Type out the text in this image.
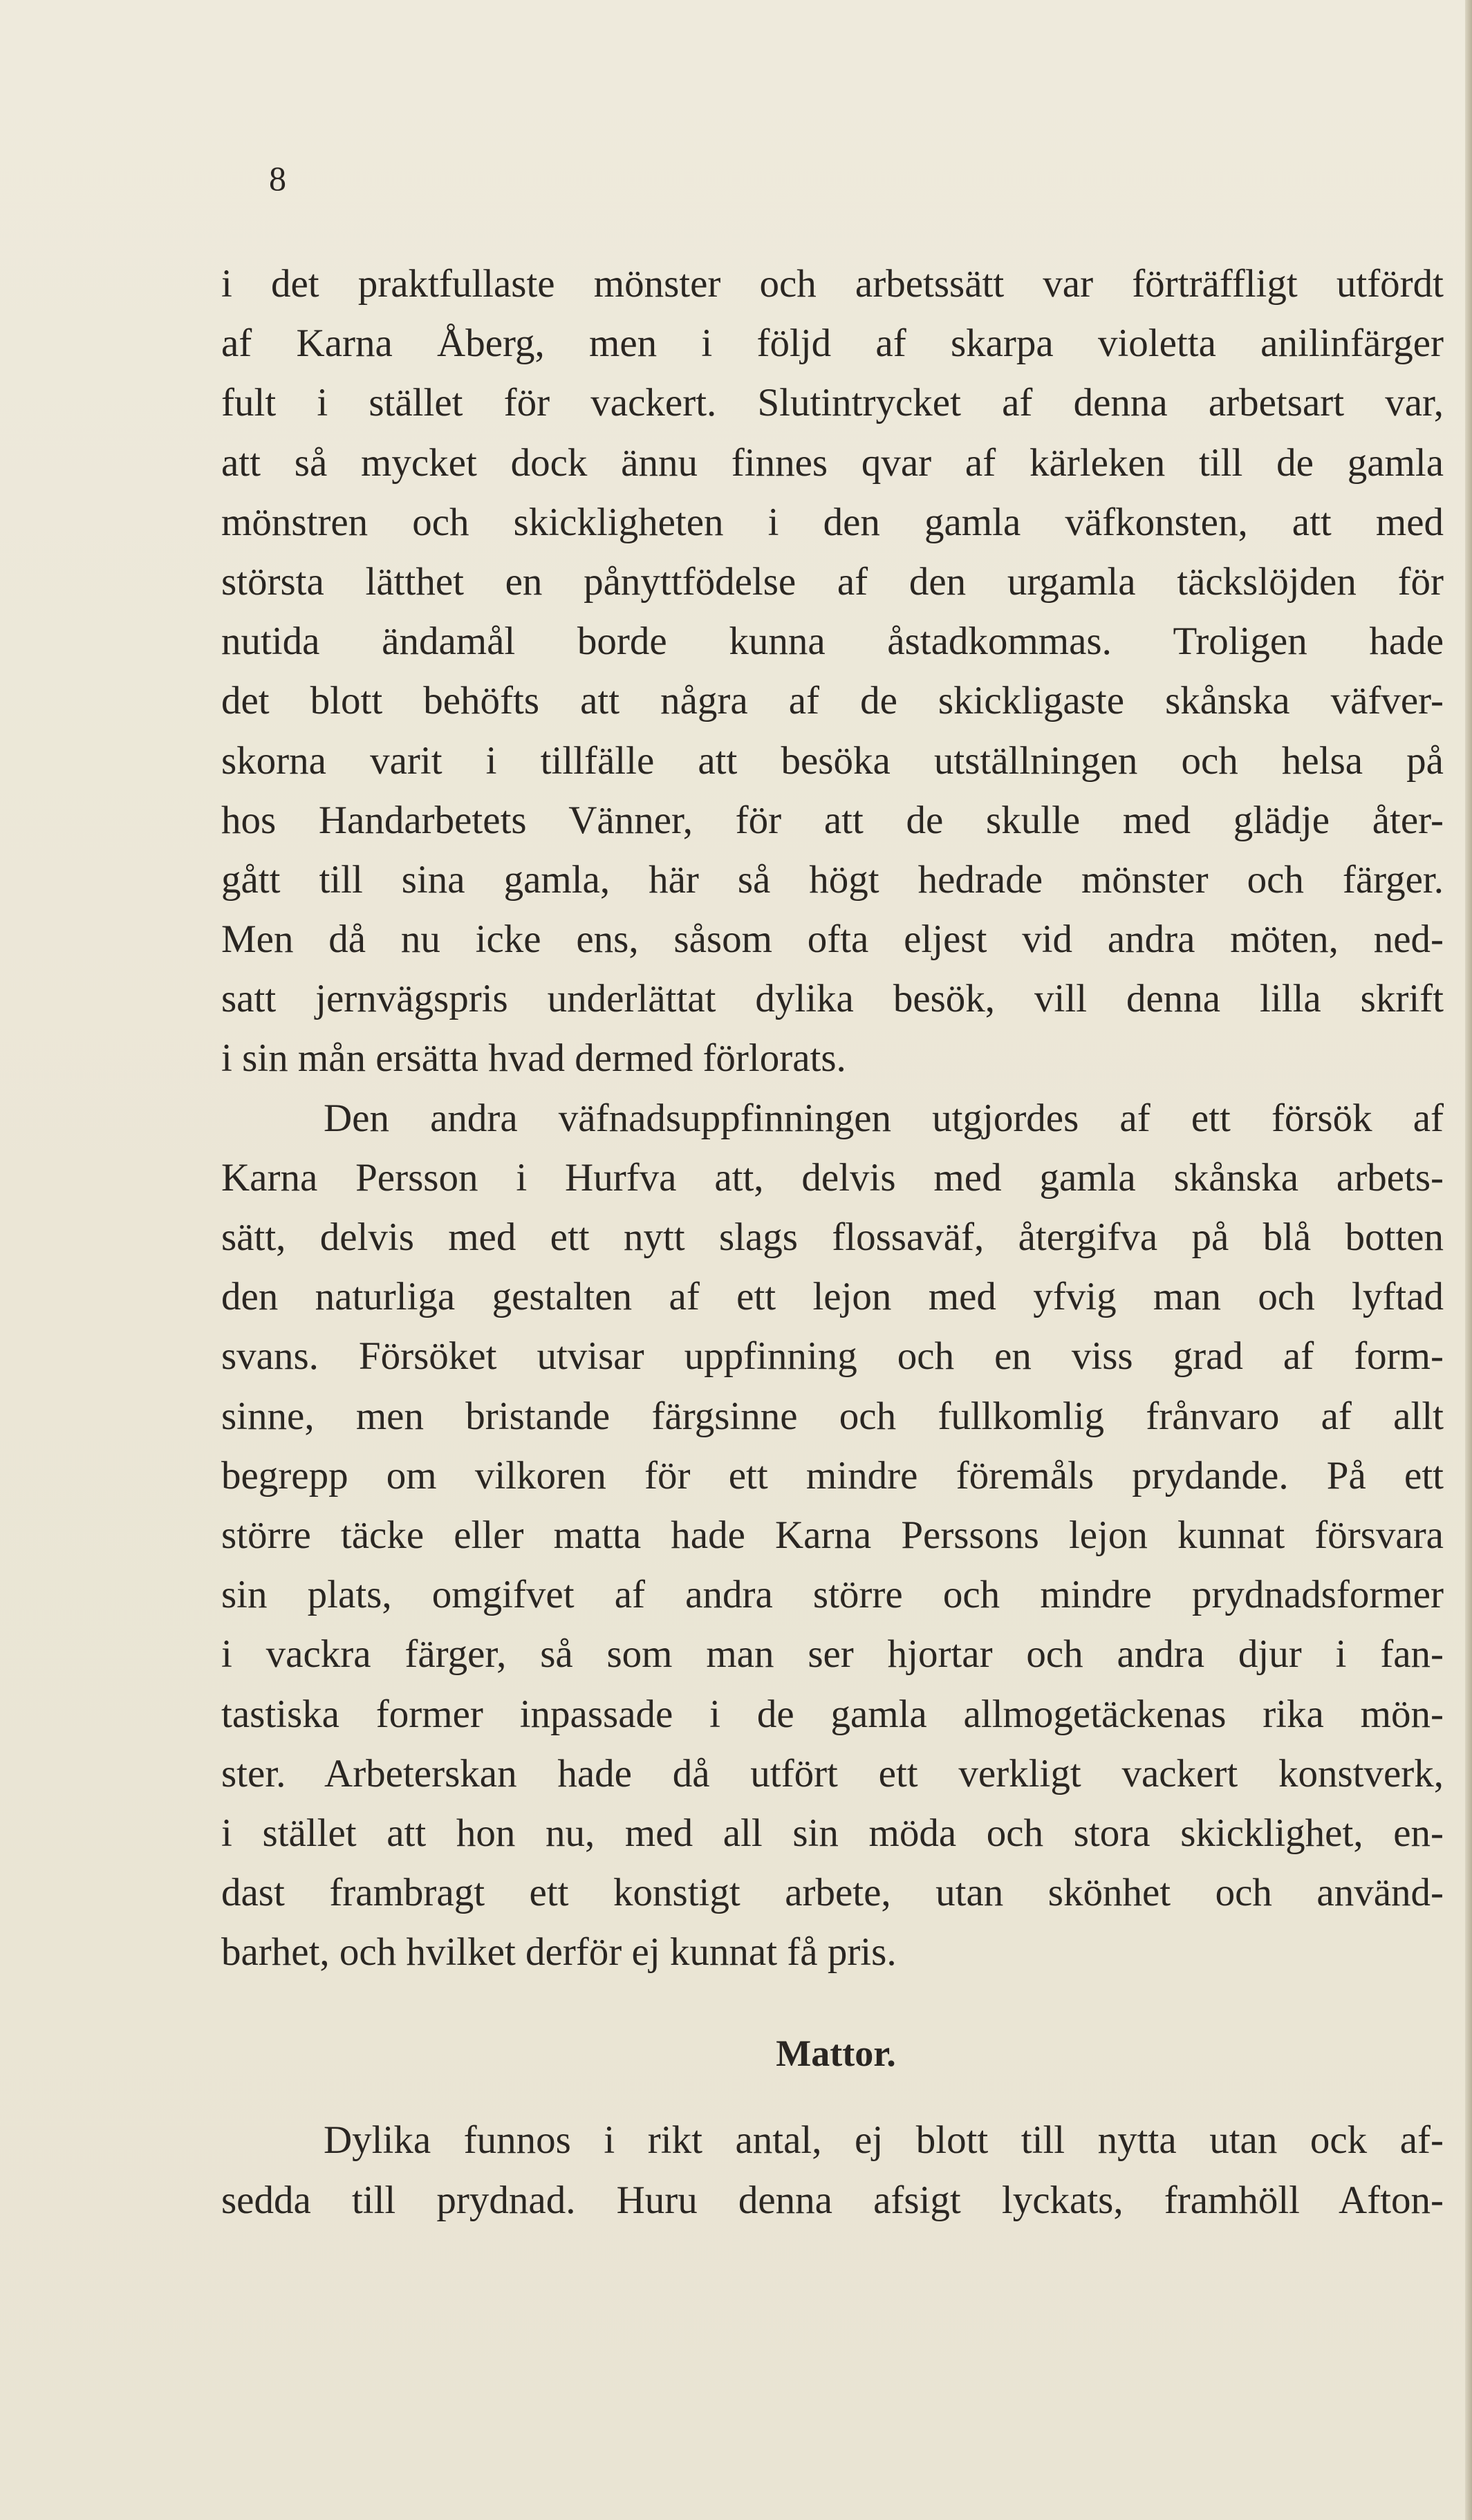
8
i det praktfullaste mönster och arbetssätt var förträffligt utfördt
af Karna Åberg, men i följd af skarpa violetta anilinfärger
fult i stället för vackert. Slutintrycket af denna arbetsart var,
att så mycket dock ännu finnes qvar af kärleken till de gamla
mönstren och skickligheten i den gamla väfkonsten, att med
största lätthet en pånyttfödelse af den urgamla täckslöjden för
nutida ändamål borde kunna åstadkommas. Troligen hade
det blott behöfts att några af de skickligaste skånska väfver-
skorna varit i tillfälle att besöka utställningen och helsa på
hos Handarbetets Vänner, för att de skulle med glädje åter-
gått till sina gamla, här så högt hedrade mönster och färger.
Men då nu icke ens, såsom ofta eljest vid andra möten, ned-
satt jernvägspris underlättat dylika besök, vill denna lilla skrift
i sin mån ersätta hvad dermed förlorats.
Den andra väfnadsuppfinningen utgjordes af ett försök af
Karna Persson i Hurfva att, delvis med gamla skånska arbets-
sätt, delvis med ett nytt slags flossaväf, återgifva på blå botten
den naturliga gestalten af ett lejon med yfvig man och lyftad
svans. Försöket utvisar uppfinning och en viss grad af form-
sinne, men bristande färgsinne och fullkomlig frånvaro af allt
begrepp om vilkoren för ett mindre föremåls prydande. På ett
större täcke eller matta hade Karna Perssons lejon kunnat försvara
sin plats, omgifvet af andra större och mindre prydnadsformer
i vackra färger, så som man ser hjortar och andra djur i fan-
tastiska former inpassade i de gamla allmogetäckenas rika mön-
ster. Arbeterskan hade då utfört ett verkligt vackert konstverk,
i stället att hon nu, med all sin möda och stora skicklighet, en-
dast frambragt ett konstigt arbete, utan skönhet och använd-
barhet, och hvilket derför ej kunnat få pris.
Mattor.
Dylika funnos i rikt antal, ej blott till nytta utan ock af-
sedda till prydnad. Huru denna afsigt lyckats, framhöll Afton-
